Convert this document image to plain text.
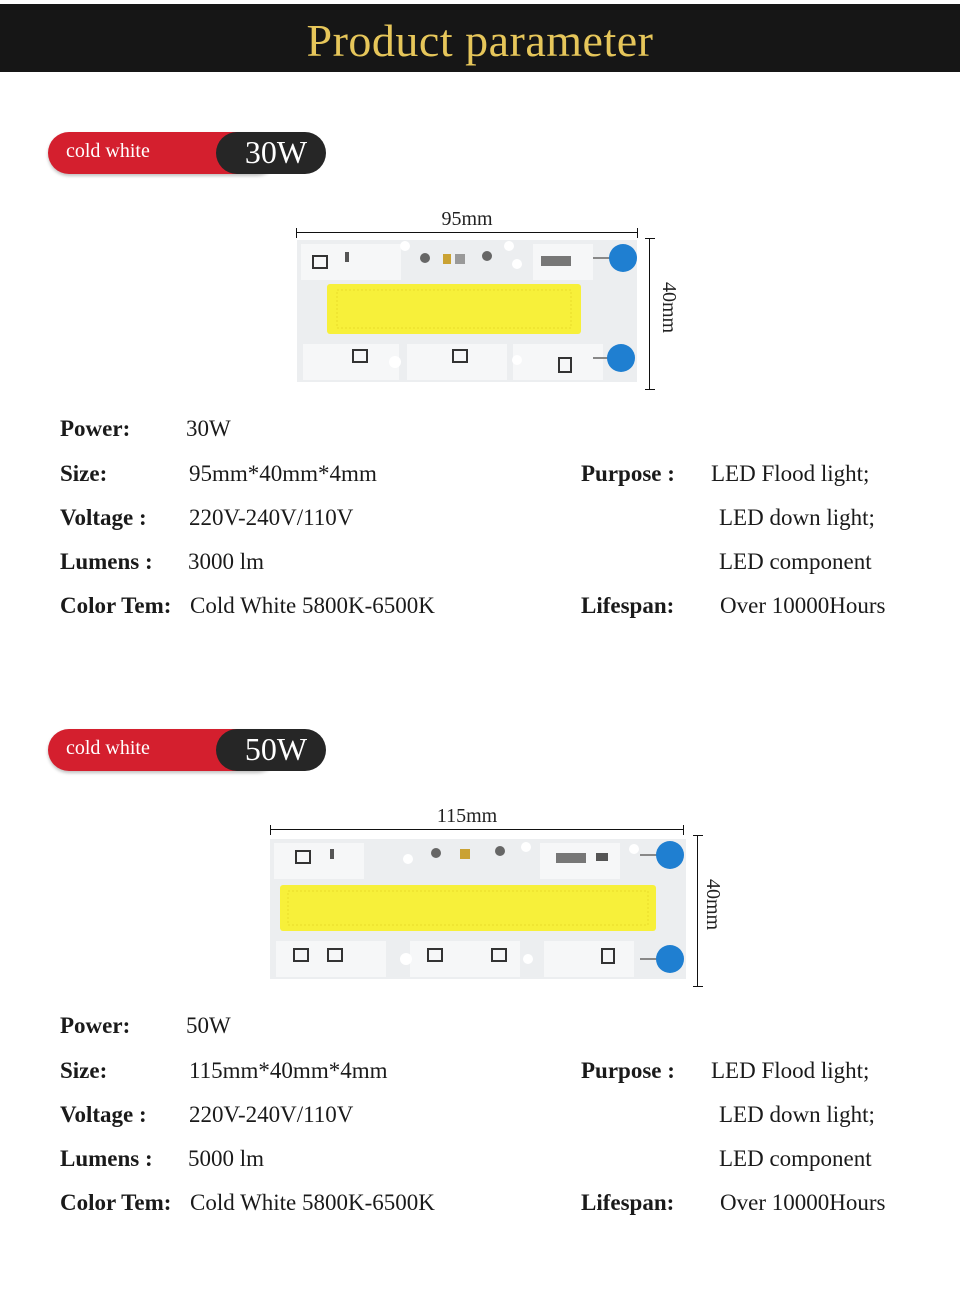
Product parameter
cold white	30W
95mm
40mm
Power: 30W
Size:	95mm*40mm*4mm
Voltage : 220V-240V/110V
Lumens : 3000 lm
Color Tem: Cold White 5800K-6500K
Purpose : LED Flood light;
LED down light;
LED component
Lifespan: Over 10000Hours
cold white	50W
115mm
40mm
Power: 50W
Size:	115mm*40mm*4mm
Voltage : 220V-240V/110V
Lumens : 5000 lm
Color Tem: Cold White 5800K-6500K
Purpose : LED Flood light;
LED down light;
LED component
Lifespan: Over 10000Hours
